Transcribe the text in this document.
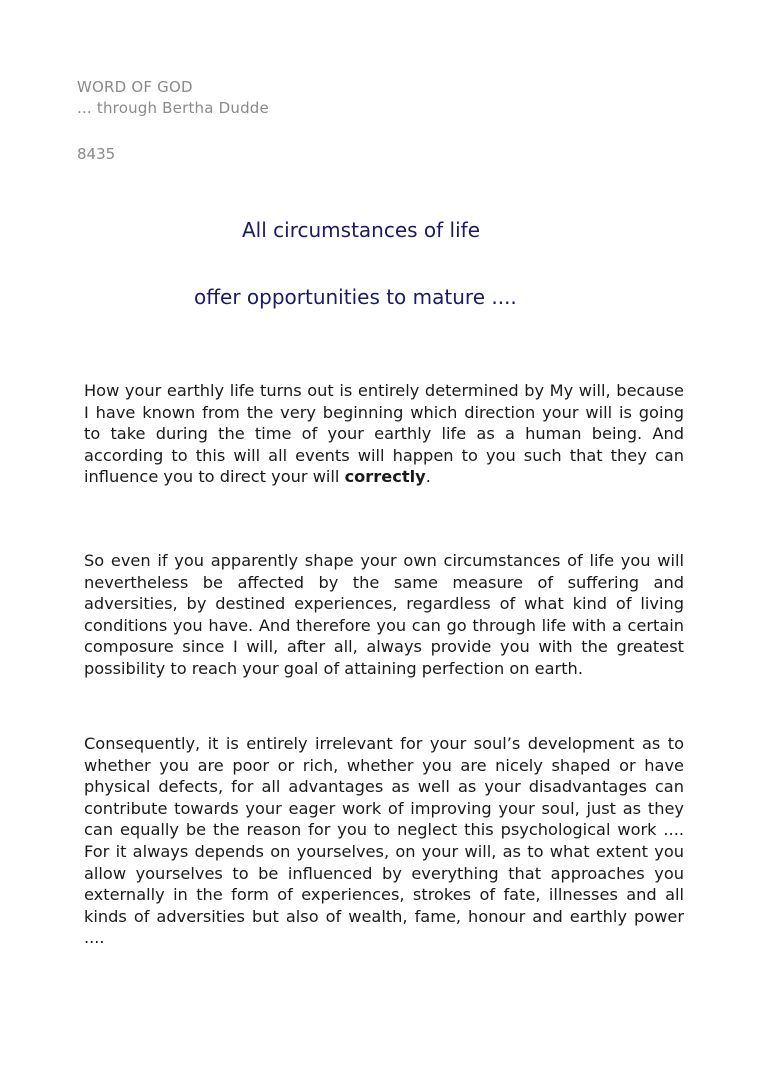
WORD OF GOD
... through Bertha Dudde
8435
All circumstances of life
offer opportunities to mature ....

How your earthly life turns out is entirely determined by My will, because I have known from the very beginning which direction your will is going to take during the time of your earthly life as a human being. And according to this will all events will happen to you such that they can influence you to direct your will correctly.

So even if you apparently shape your own circumstances of life you will nevertheless be affected by the same measure of suffering and adversities, by destined experiences, regardless of what kind of living conditions you have. And therefore you can go through life with a certain composure since I will, after all, always provide you with the greatest possibility to reach your goal of attaining perfection on earth.

Consequently, it is entirely irrelevant for your soul’s development as to whether you are poor or rich, whether you are nicely shaped or have physical defects, for all advantages as well as your disadvantages can contribute towards your eager work of improving your soul, just as they can equally be the reason for you to neglect this psychological work .... For it always depends on yourselves, on your will, as to what extent you allow yourselves to be influenced by everything that approaches you externally in the form of experiences, strokes of fate, illnesses and all kinds of adversities but also of wealth, fame, honour and earthly power ....
